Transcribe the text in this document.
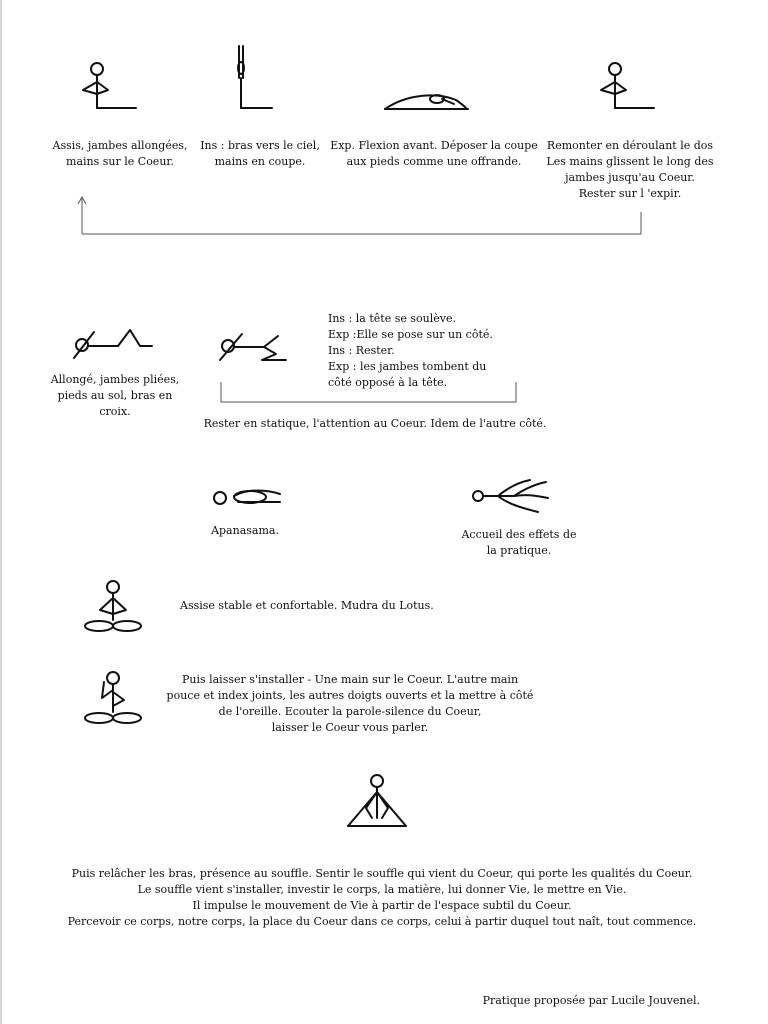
Assis, jambes allongées,
mains sur le Coeur.
Ins : bras vers le ciel,
mains en coupe.
Exp. Flexion avant. Déposer la coupe
aux pieds comme une offrande.
Remonter en déroulant le dos
Les mains glissent le long des
jambes jusqu'au Coeur.
Rester sur l 'expir.
Ins : la tête se soulève.
Exp :Elle se pose sur un côté.
Ins : Rester.
Exp : les jambes tombent du
côté opposé à la tête.
Allongé, jambes pliées,
pieds au sol, bras en
croix.
Rester en statique, l'attention au Coeur. Idem de l'autre côté.
Apanasama.	Accueil des effets de
la pratique.
Assise stable et confortable. Mudra du Lotus.
Puis laisser s'installer - Une main sur le Coeur. L'autre main
pouce et index joints, les autres doigts ouverts et la mettre à côté
de l'oreille. Ecouter la parole-silence du Coeur,
laisser le Coeur vous parler.
Puis relâcher les bras, présence au souffle. Sentir le souffle qui vient du Coeur, qui porte les qualités du Coeur.
Le souffle vient s'installer, investir le corps, la matière, lui donner Vie, le mettre en Vie.
Il impulse le mouvement de Vie à partir de l'espace subtil du Coeur.
Percevoir ce corps, notre corps, la place du Coeur dans ce corps, celui à partir duquel tout naît, tout commence.
Pratique proposée par Lucile Jouvenel.
